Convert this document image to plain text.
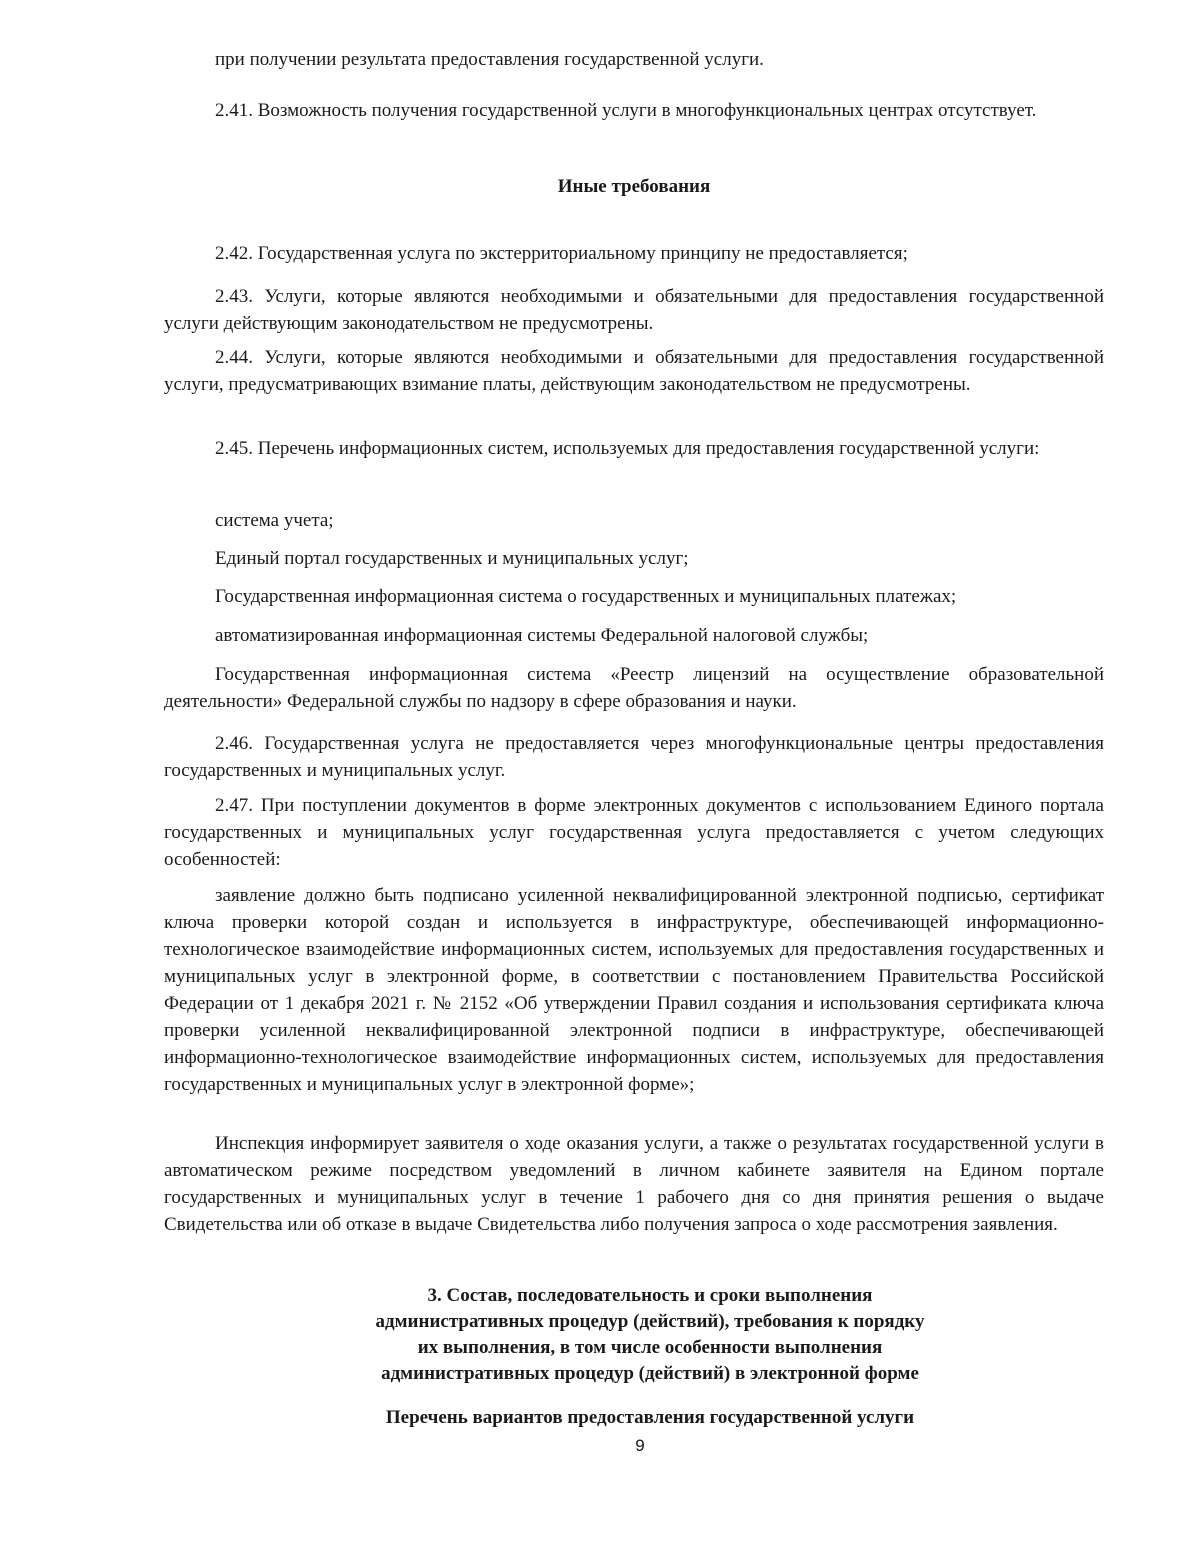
при получении результата предоставления государственной услуги.

2.41. Возможность получения государственной услуги в многофункциональных центрах отсутствует.

Иные требования

2.42. Государственная услуга по экстерриториальному принципу не предоставляется;

2.43. Услуги, которые являются необходимыми и обязательными для предоставления государственной услуги действующим законодательством не предусмотрены.

2.44. Услуги, которые являются необходимыми и обязательными для предоставления государственной услуги, предусматривающих взимание платы, действующим законодательством не предусмотрены.

2.45. Перечень информационных систем, используемых для предоставления государственной услуги:

система учета;

Единый портал государственных и муниципальных услуг;

Государственная информационная система о государственных и муниципальных платежах;

автоматизированная информационная системы Федеральной налоговой службы;

Государственная информационная система «Реестр лицензий на осуществление образовательной деятельности» Федеральной службы по надзору в сфере образования и науки.

2.46. Государственная услуга не предоставляется через многофункциональные центры предоставления государственных и муниципальных услуг.

2.47. При поступлении документов в форме электронных документов с использованием Единого портала государственных и муниципальных услуг государственная услуга предоставляется с учетом следующих особенностей:

заявление должно быть подписано усиленной неквалифицированной электронной подписью, сертификат ключа проверки которой создан и используется в инфраструктуре, обеспечивающей информационно-технологическое взаимодействие информационных систем, используемых для предоставления государственных и муниципальных услуг в электронной форме, в соответствии с постановлением Правительства Российской Федерации от 1 декабря 2021 г. № 2152 «Об утверждении Правил создания и использования сертификата ключа проверки усиленной неквалифицированной электронной подписи в инфраструктуре, обеспечивающей информационно-технологическое взаимодействие информационных систем, используемых для предоставления государственных и муниципальных услуг в электронной форме»;

Инспекция информирует заявителя о ходе оказания услуги, а также о результатах государственной услуги в автоматическом режиме посредством уведомлений в личном кабинете заявителя на Едином портале государственных и муниципальных услуг в течение 1 рабочего дня со дня принятия решения о выдаче Свидетельства или об отказе в выдаче Свидетельства либо получения запроса о ходе рассмотрения заявления.

3. Состав, последовательность и сроки выполнения
административных процедур (действий), требования к порядку
их выполнения, в том числе особенности выполнения
административных процедур (действий) в электронной форме

Перечень вариантов предоставления государственной услуги

9
